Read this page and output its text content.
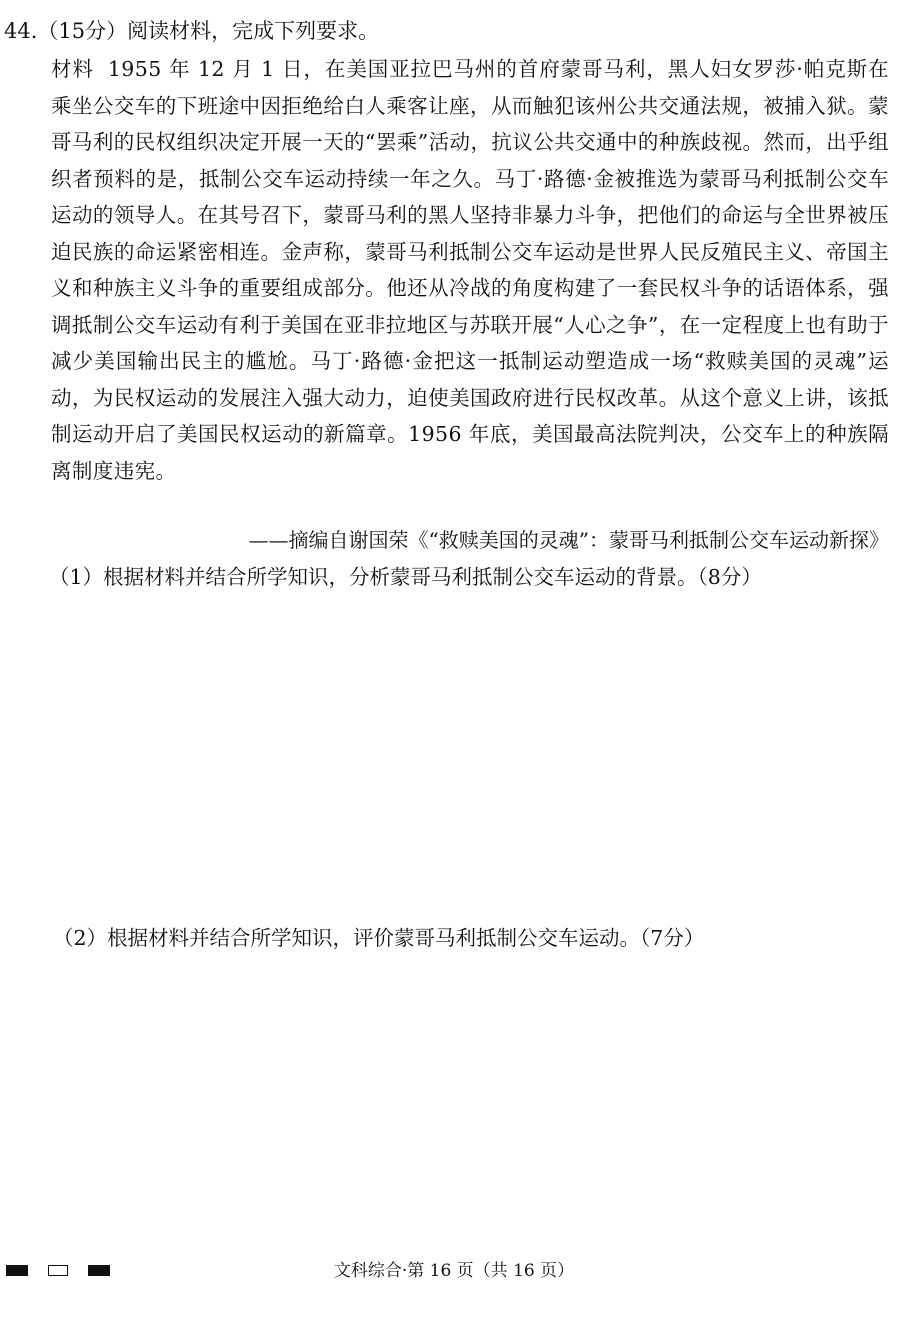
44.（15分）阅读材料，完成下列要求。
材料 1955 年 12 月 1 日，在美国亚拉巴马州的首府蒙哥马利，黑人妇女罗莎·帕克斯在乘坐公交车的下班途中因拒绝给白人乘客让座，从而触犯该州公共交通法规，被捕入狱。蒙哥马利的民权组织决定开展一天的“罢乘”活动，抗议公共交通中的种族歧视。然而，出乎组织者预料的是，抵制公交车运动持续一年之久。马丁·路德·金被推选为蒙哥马利抵制公交车运动的领导人。在其号召下，蒙哥马利的黑人坚持非暴力斗争，把他们的命运与全世界被压迫民族的命运紧密相连。金声称，蒙哥马利抵制公交车运动是世界人民反殖民主义、帝国主义和种族主义斗争的重要组成部分。他还从冷战的角度构建了一套民权斗争的话语体系，强调抵制公交车运动有利于美国在亚非拉地区与苏联开展“人心之争”，在一定程度上也有助于减少美国输出民主的尴尬。马丁·路德·金把这一抵制运动塑造成一场“救赎美国的灵魂”运动，为民权运动的发展注入强大动力，迫使美国政府进行民权改革。从这个意义上讲，该抵制运动开启了美国民权运动的新篇章。1956 年底，美国最高法院判决，公交车上的种族隔离制度违宪。
——摘编自谢国荣《“救赎美国的灵魂”：蒙哥马利抵制公交车运动新探》
（1）根据材料并结合所学知识，分析蒙哥马利抵制公交车运动的背景。（8分）
（2）根据材料并结合所学知识，评价蒙哥马利抵制公交车运动。（7分）
文科综合·第 16 页（共 16 页）
